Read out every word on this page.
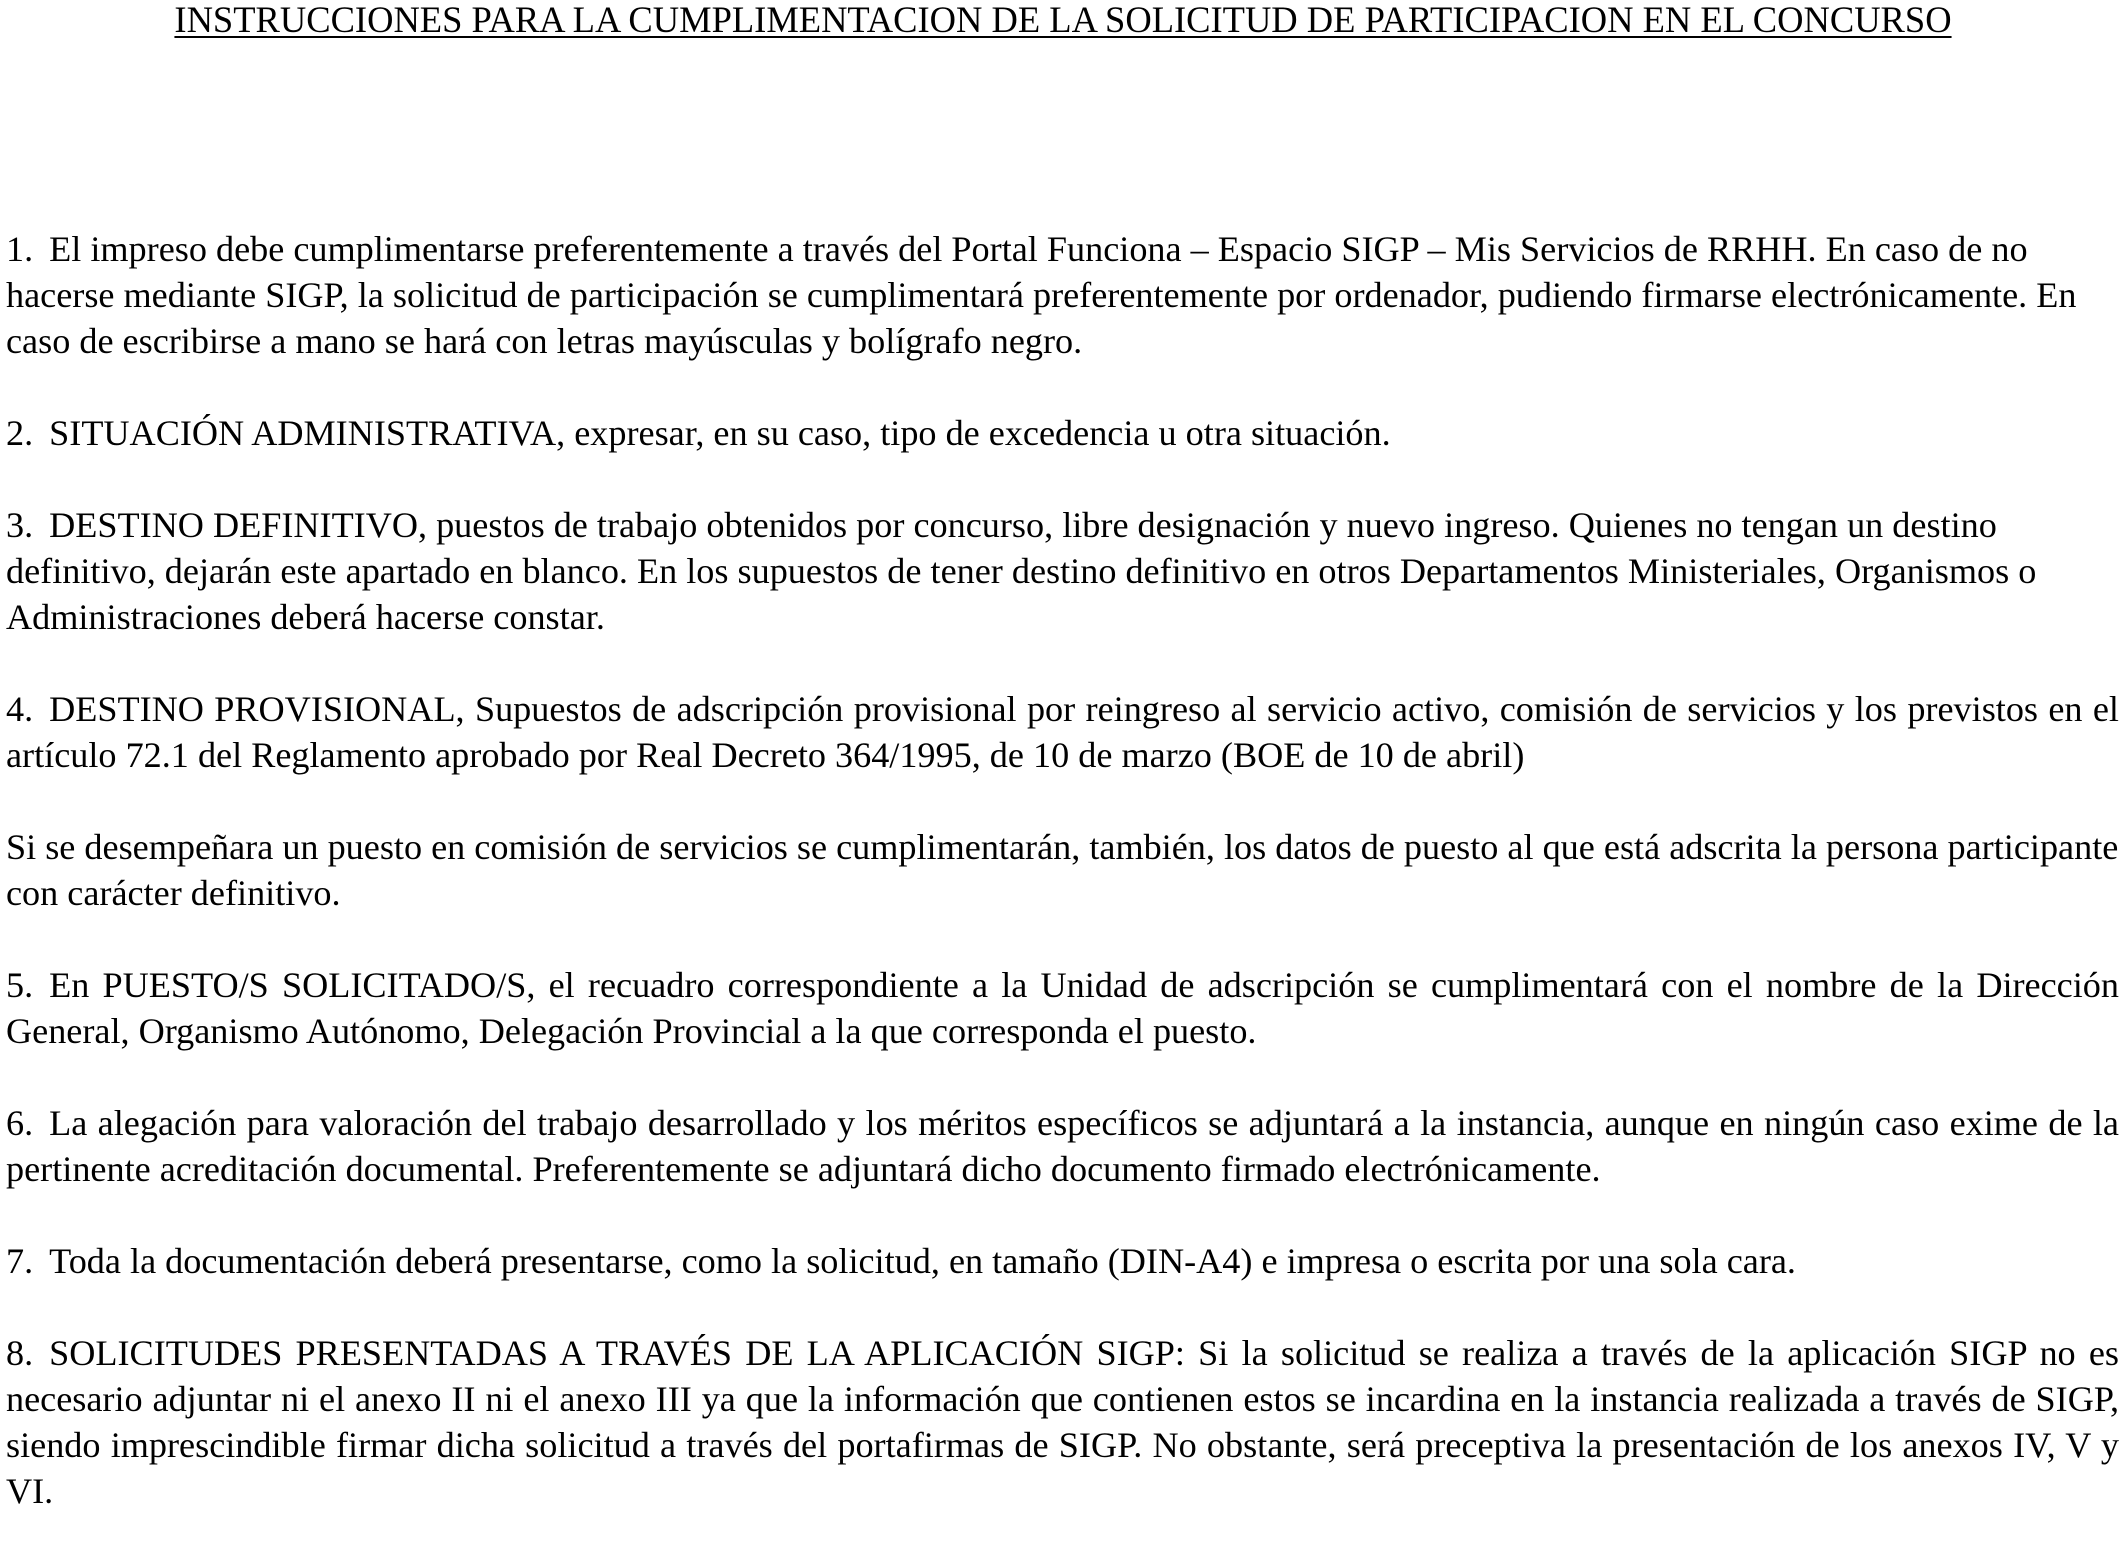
INSTRUCCIONES PARA LA CUMPLIMENTACION DE LA SOLICITUD DE PARTICIPACION EN EL CONCURSO

1. El impreso debe cumplimentarse preferentemente a través del Portal Funciona – Espacio SIGP – Mis Servicios de RRHH. En caso de no hacerse mediante SIGP, la solicitud de participación se cumplimentará preferentemente por ordenador, pudiendo firmarse electrónicamente. En caso de escribirse a mano se hará con letras mayúsculas y bolígrafo negro.

2. SITUACIÓN ADMINISTRATIVA, expresar, en su caso, tipo de excedencia u otra situación.

3. DESTINO DEFINITIVO, puestos de trabajo obtenidos por concurso, libre designación y nuevo ingreso. Quienes no tengan un destino definitivo, dejarán este apartado en blanco. En los supuestos de tener destino definitivo en otros Departamentos Ministeriales, Organismos o Administraciones deberá hacerse constar.

4. DESTINO PROVISIONAL, Supuestos de adscripción provisional por reingreso al servicio activo, comisión de servicios y los previstos en el artículo 72.1 del Reglamento aprobado por Real Decreto 364/1995, de 10 de marzo (BOE de 10 de abril)

Si se desempeñara un puesto en comisión de servicios se cumplimentarán, también, los datos de puesto al que está adscrita la persona participante con carácter definitivo.

5. En PUESTO/S SOLICITADO/S, el recuadro correspondiente a la Unidad de adscripción se cumplimentará con el nombre de la Dirección General, Organismo Autónomo, Delegación Provincial a la que corresponda el puesto.

6. La alegación para valoración del trabajo desarrollado y los méritos específicos se adjuntará a la instancia, aunque en ningún caso exime de la pertinente acreditación documental. Preferentemente se adjuntará dicho documento firmado electrónicamente.

7. Toda la documentación deberá presentarse, como la solicitud, en tamaño (DIN-A4) e impresa o escrita por una sola cara.

8. SOLICITUDES PRESENTADAS A TRAVÉS DE LA APLICACIÓN SIGP: Si la solicitud se realiza a través de la aplicación SIGP no es necesario adjuntar ni el anexo II ni el anexo III ya que la información que contienen estos se incardina en la instancia realizada a través de SIGP, siendo imprescindible firmar dicha solicitud a través del portafirmas de SIGP. No obstante, será preceptiva la presentación de los anexos IV, V y VI.
